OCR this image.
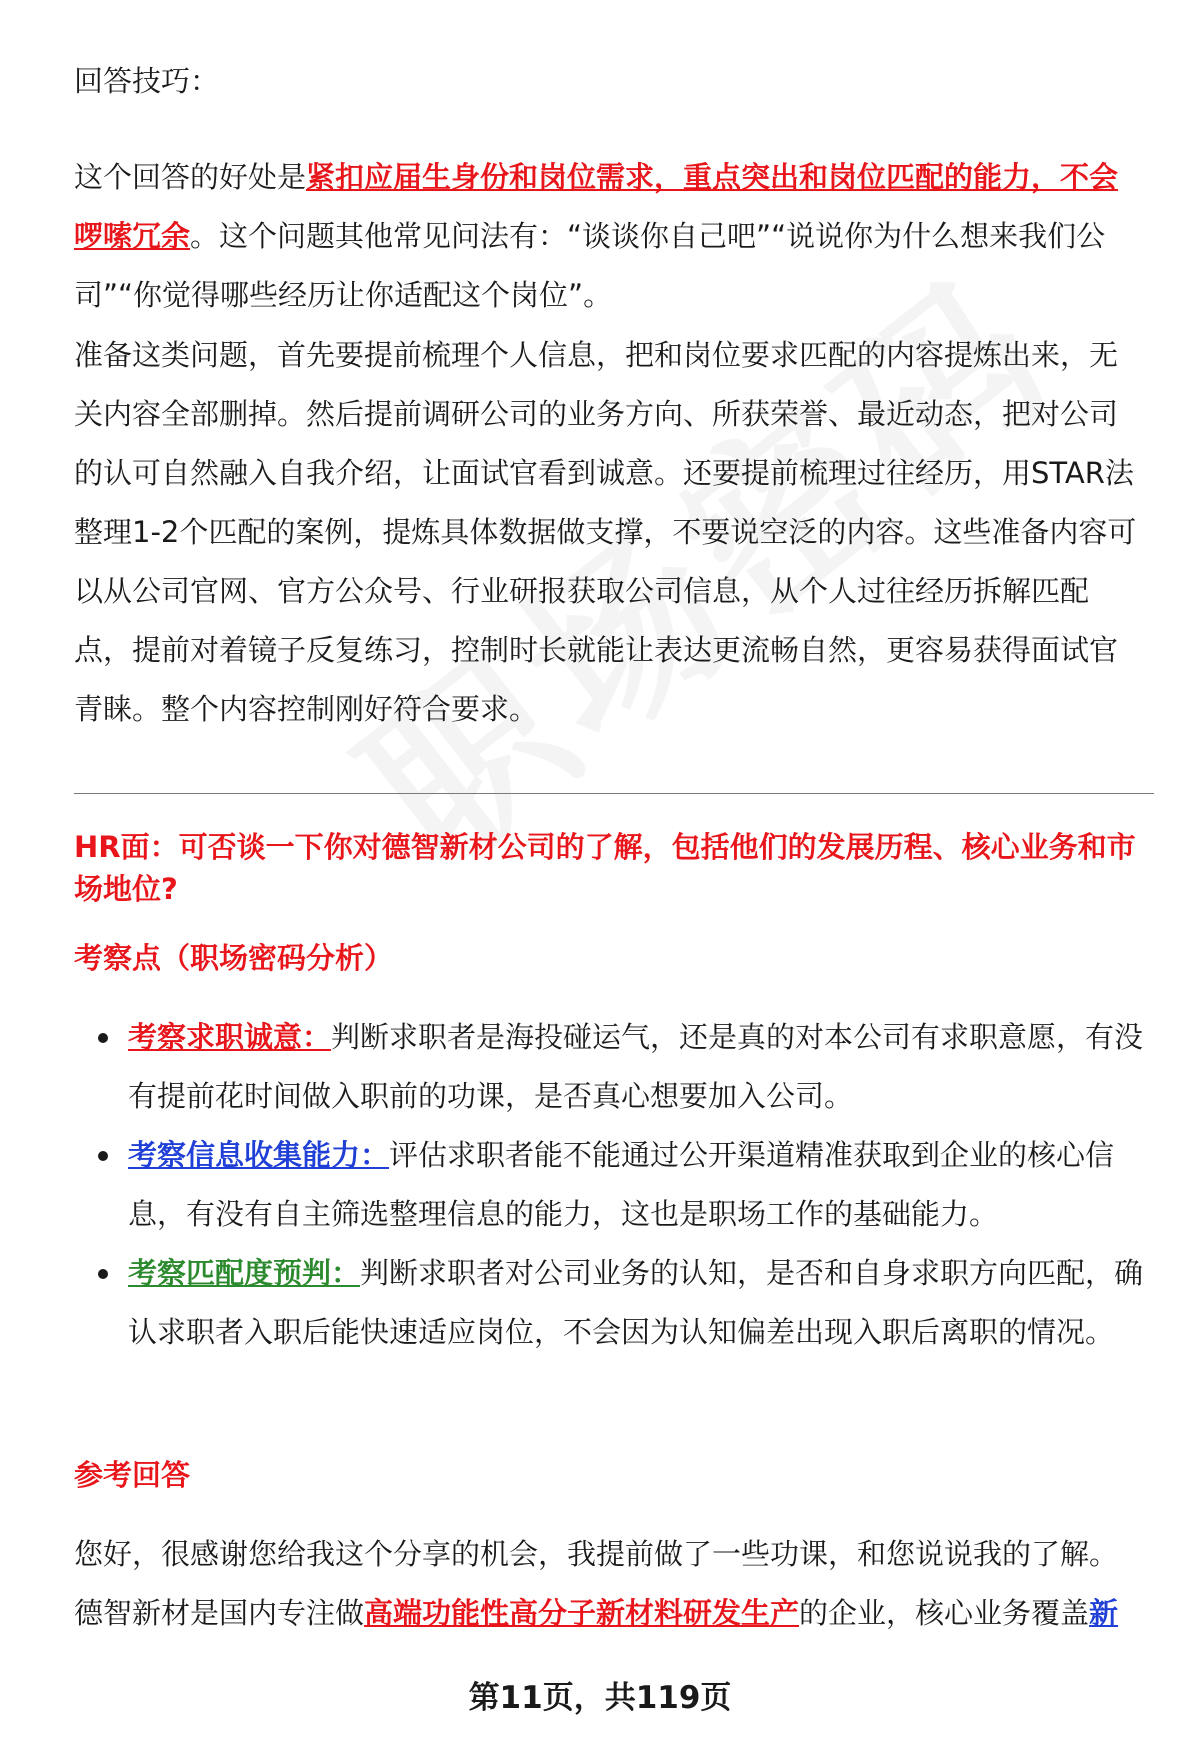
回答技巧：
这个回答的好处是紧扣应届生身份和岗位需求，重点突出和岗位匹配的能力，不会啰嗦冗余。这个问题其他常见问法有：“谈谈你自己吧”“说说你为什么想来我们公司”“你觉得哪些经历让你适配这个岗位”。
准备这类问题，首先要提前梳理个人信息，把和岗位要求匹配的内容提炼出来，无关内容全部删掉。然后提前调研公司的业务方向、所获荣誉、最近动态，把对公司的认可自然融入自我介绍，让面试官看到诚意。还要提前梳理过往经历，用STAR法整理1-2个匹配的案例，提炼具体数据做支撑，不要说空泛的内容。这些准备内容可以从公司官网、官方公众号、行业研报获取公司信息，从个人过往经历拆解匹配点，提前对着镜子反复练习，控制时长就能让表达更流畅自然，更容易获得面试官青睐。整个内容控制刚好符合要求。
HR面：可否谈一下你对德智新材公司的了解，包括他们的发展历程、核心业务和市场地位?
考察点（职场密码分析）
考察求职诚意：判断求职者是海投碰运气，还是真的对本公司有求职意愿，有没有提前花时间做入职前的功课，是否真心想要加入公司。
考察信息收集能力：评估求职者能不能通过公开渠道精准获取到企业的核心信息，有没有自主筛选整理信息的能力，这也是职场工作的基础能力。
考察匹配度预判：判断求职者对公司业务的认知，是否和自身求职方向匹配，确认求职者入职后能快速适应岗位，不会因为认知偏差出现入职后离职的情况。
参考回答
您好，很感谢您给我这个分享的机会，我提前做了一些功课，和您说说我的了解。
德智新材是国内专注做高端功能性高分子新材料研发生产的企业，核心业务覆盖新
第11页，共119页
